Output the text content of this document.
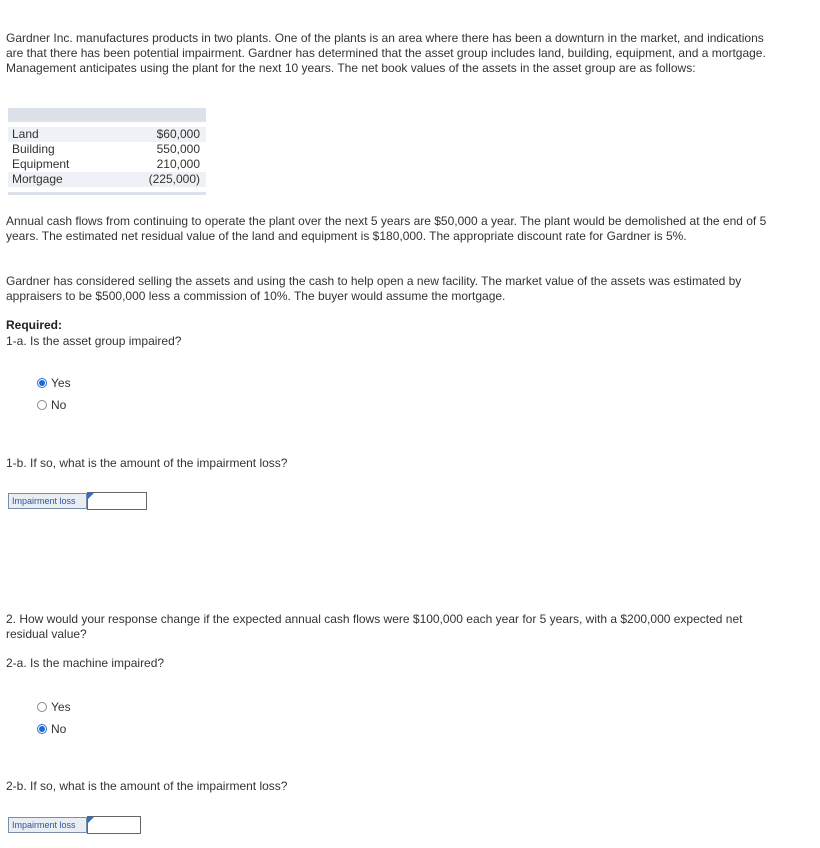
Gardner Inc. manufactures products in two plants. One of the plants is an area where there has been a downturn in the market, and indications are that there has been potential impairment. Gardner has determined that the asset group includes land, building, equipment, and a mortgage. Management anticipates using the plant for the next 10 years. The net book values of the assets in the asset group are as follows:

Land	$60,000
Building	550,000
Equipment	210,000
Mortgage	(225,000)

Annual cash flows from continuing to operate the plant over the next 5 years are $50,000 a year. The plant would be demolished at the end of 5 years. The estimated net residual value of the land and equipment is $180,000. The appropriate discount rate for Gardner is 5%.

Gardner has considered selling the assets and using the cash to help open a new facility. The market value of the assets was estimated by appraisers to be $500,000 less a commission of 10%. The buyer would assume the mortgage.

Required:

1-a. Is the asset group impaired?

Yes
No

1-b. If so, what is the amount of the impairment loss?

Impairment loss

2. How would your response change if the expected annual cash flows were $100,000 each year for 5 years, with a $200,000 expected net residual value?

2-a. Is the machine impaired?

Yes
No

2-b. If so, what is the amount of the impairment loss?

Impairment loss
